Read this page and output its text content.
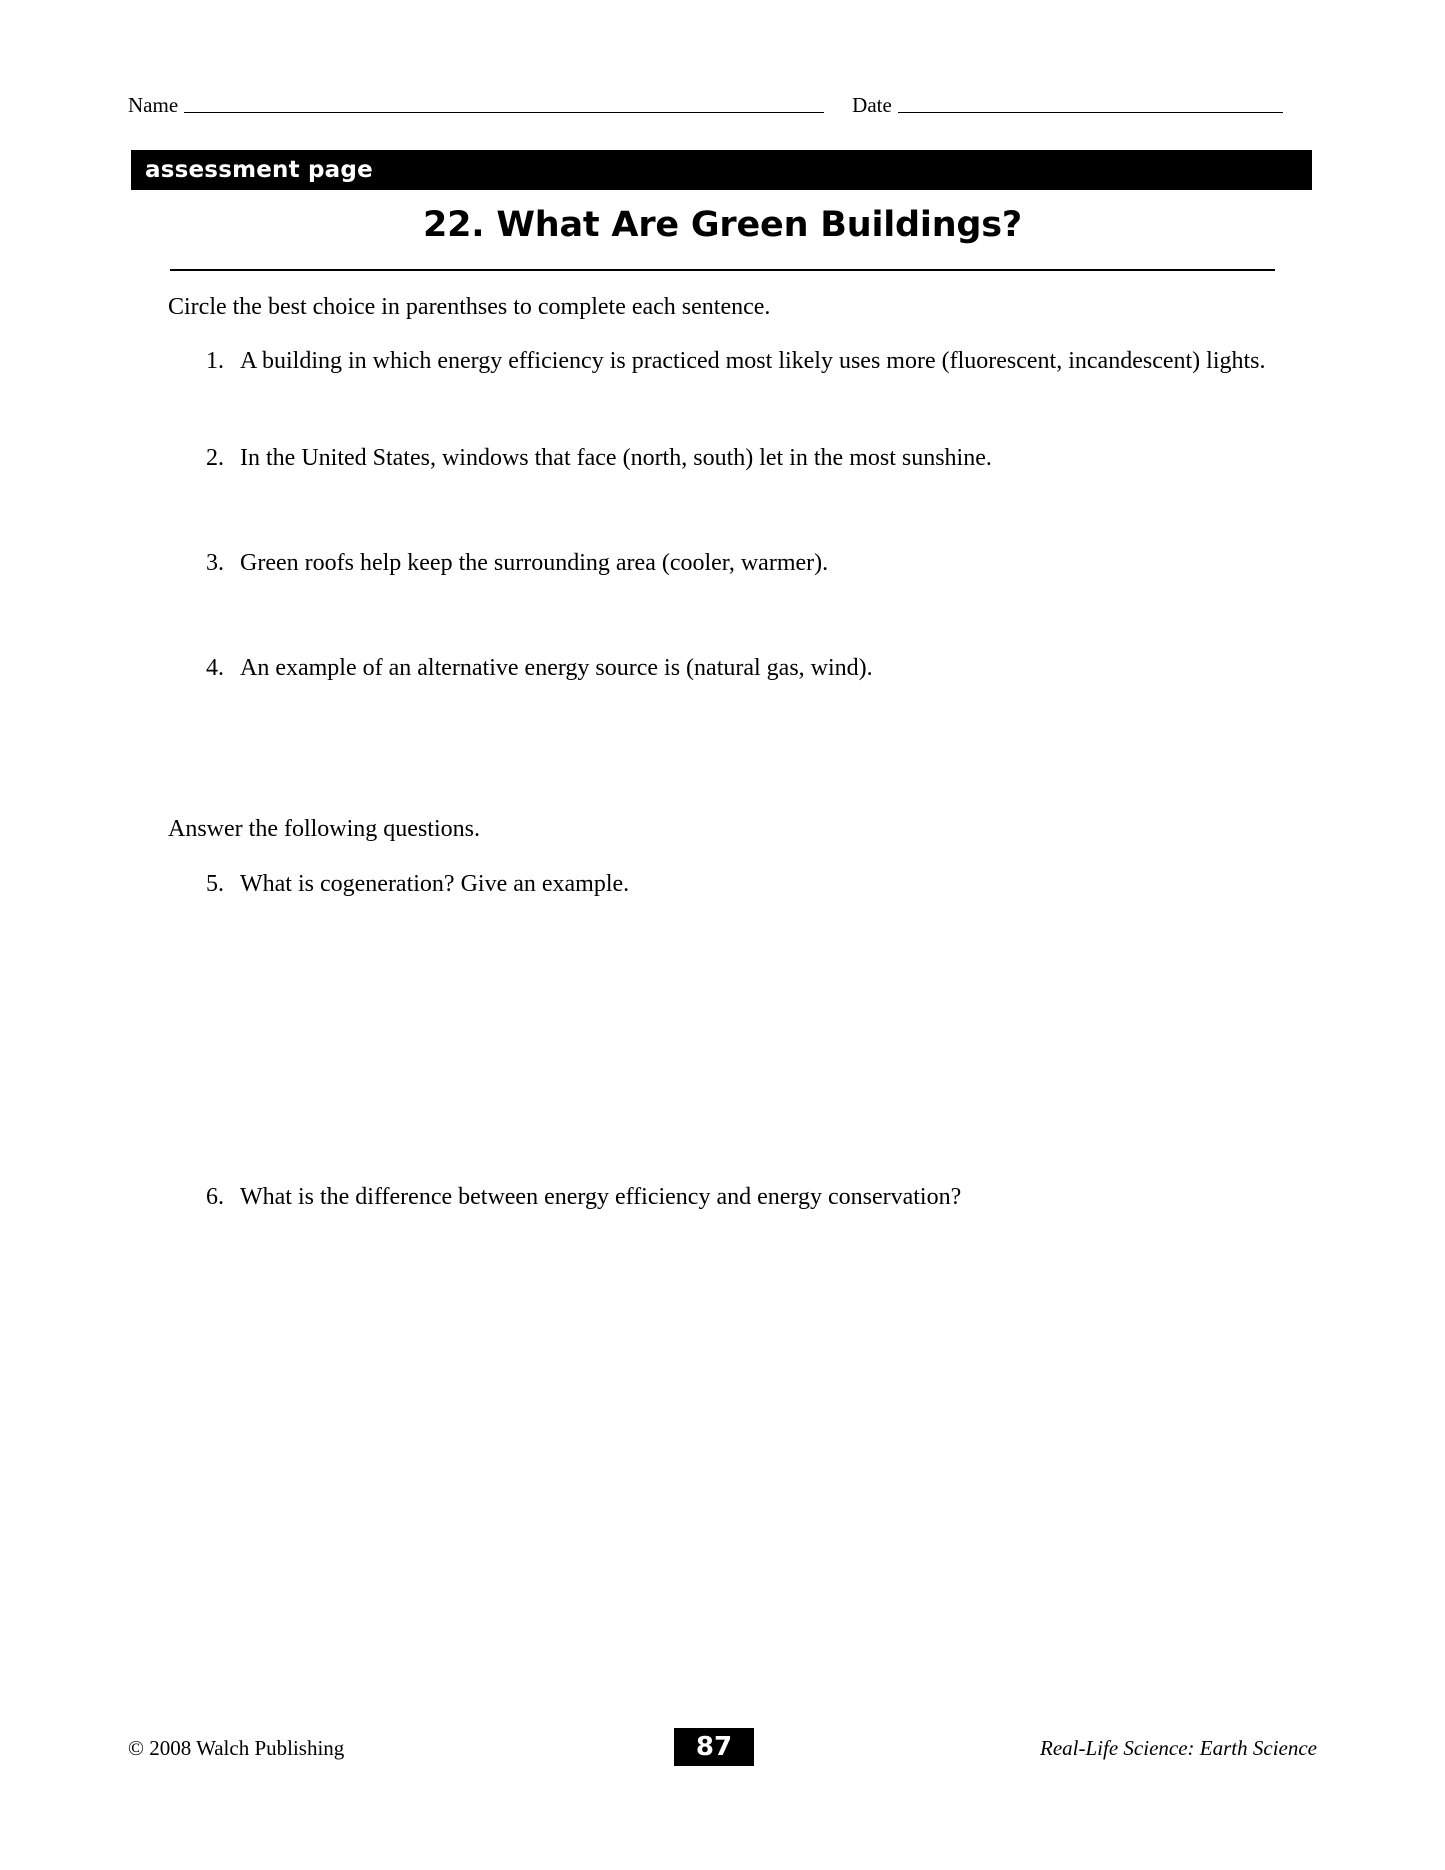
Name	Date
assessment page
22. What Are Green Buildings?
Circle the best choice in parenthses to complete each sentence.
1. A building in which energy efficiency is practiced most likely uses more (fluorescent, incandescent) lights.
2. In the United States, windows that face (north, south) let in the most sunshine.
3. Green roofs help keep the surrounding area (cooler, warmer).
4. An example of an alternative energy source is (natural gas, wind).
Answer the following questions.
5. What is cogeneration? Give an example.
6. What is the difference between energy efficiency and energy conservation?
© 2008 Walch Publishing	87	Real-Life Science: Earth Science
